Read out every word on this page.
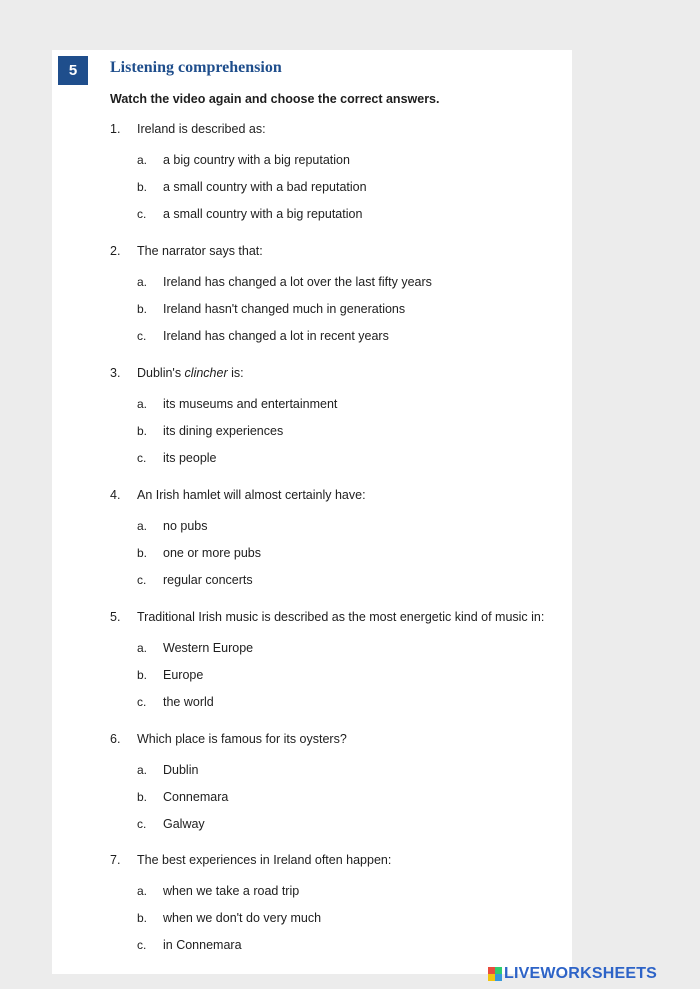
5	Listening comprehension
Watch the video again and choose the correct answers.
1. Ireland is described as:
a. a big country with a big reputation
b. a small country with a bad reputation
c. a small country with a big reputation
2. The narrator says that:
a. Ireland has changed a lot over the last fifty years
b. Ireland hasn't changed much in generations
c. Ireland has changed a lot in recent years
3. Dublin's clincher is:
a. its museums and entertainment
b. its dining experiences
c. its people
4. An Irish hamlet will almost certainly have:
a. no pubs
b. one or more pubs
c. regular concerts
5. Traditional Irish music is described as the most energetic kind of music in:
a. Western Europe
b. Europe
c. the world
6. Which place is famous for its oysters?
a. Dublin
b. Connemara
c. Galway
7. The best experiences in Ireland often happen:
a. when we take a road trip
b. when we don't do very much
c. in Connemara
LIVEWORKSHEETS
